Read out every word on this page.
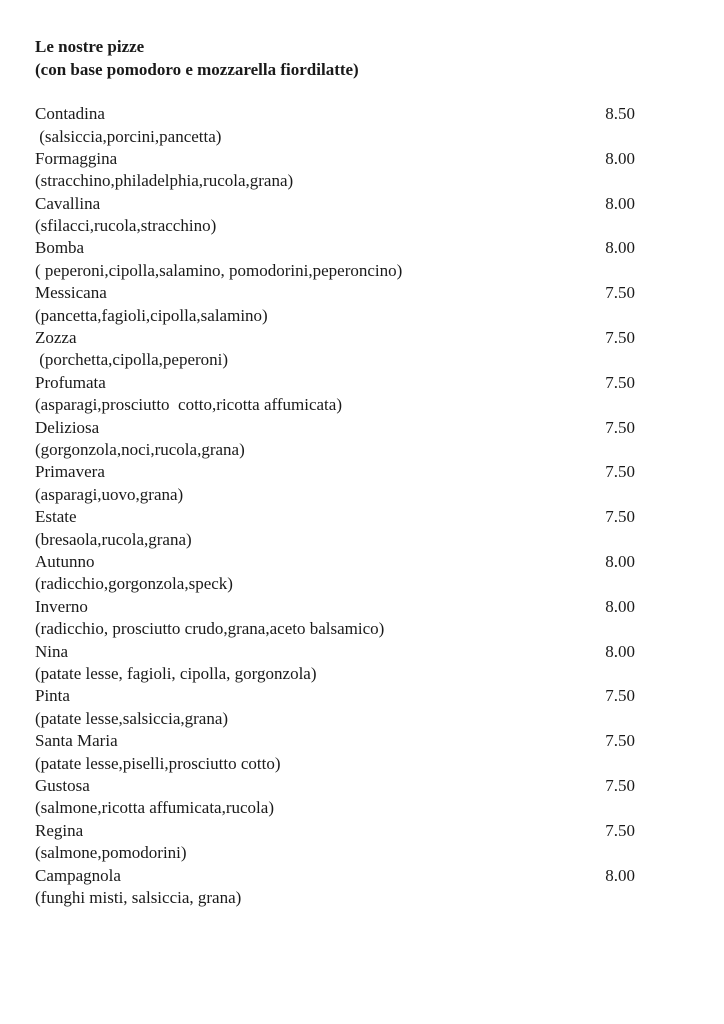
Le nostre pizze
(con base pomodoro e mozzarella fiordilatte)
Contadina	8.50
(salsiccia,porcini,pancetta)
Formaggina	8.00
(stracchino,philadelphia,rucola,grana)
Cavallina	8.00
(sfilacci,rucola,stracchino)
Bomba	8.00
( peperoni,cipolla,salamino, pomodorini,peperoncino)
Messicana	7.50
(pancetta,fagioli,cipolla,salamino)
Zozza	7.50
(porchetta,cipolla,peperoni)
Profumata	7.50
(asparagi,prosciutto  cotto,ricotta affumicata)
Deliziosa	7.50
(gorgonzola,noci,rucola,grana)
Primavera	7.50
(asparagi,uovo,grana)
Estate	7.50
(bresaola,rucola,grana)
Autunno	8.00
(radicchio,gorgonzola,speck)
Inverno	8.00
(radicchio, prosciutto crudo,grana,aceto balsamico)
Nina	8.00
(patate lesse, fagioli, cipolla, gorgonzola)
Pinta	7.50
(patate lesse,salsiccia,grana)
Santa Maria	7.50
(patate lesse,piselli,prosciutto cotto)
Gustosa	7.50
(salmone,ricotta affumicata,rucola)
Regina	7.50
(salmone,pomodorini)
Campagnola	8.00
(funghi misti, salsiccia, grana)
